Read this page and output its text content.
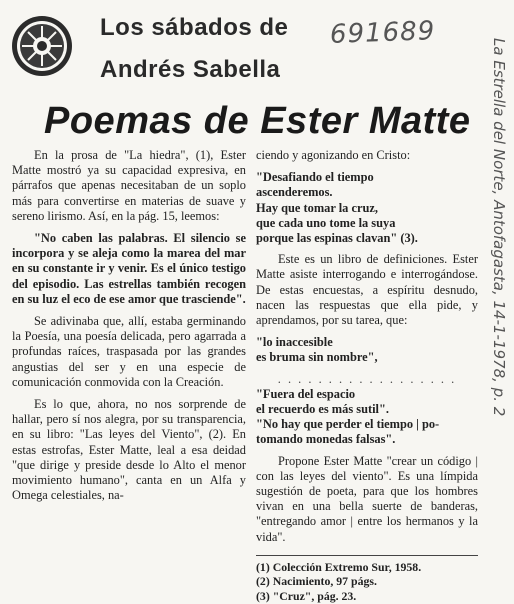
Los sábados de
Andrés Sabella
691689
Poemas de Ester Matte La Estrella del Norte, Antofagasta, 14-1-1978, p. 2

En la prosa de "La hiedra", (1), Ester Matte mostró ya su capacidad expresiva, en párrafos que apenas necesitaban de un soplo más para convertirse en materias de suave y sereno lirismo. Así, en la pág. 15, leemos:

"No caben las palabras. El silencio se incorpora y se aleja como la marea del mar en su constante ir y venir. Es el único testigo del episodio. Las estrellas también recogen en su luz el eco de ese amor que trasciende".

Se adivinaba que, allí, estaba germinando la Poesía, una poesía delicada, pero agarrada a profundas raíces, traspasada por las grandes angustias del ser y en una especie de comunicación conmovida con la Creación.

Es lo que, ahora, no nos sorprende de hallar, pero sí nos alegra, por su transparencia, en su libro: "Las leyes del Viento", (2). En estas estrofas, Ester Matte, leal a esa deidad "que dirige y preside desde lo Alto el menor movimiento humano", canta en un Alfa y Omega celestiales, na-

ciendo y agonizando en Cristo:

"Desafiando el tiempo
ascenderemos.
Hay que tomar la cruz,
que cada uno tome la suya
porque las espinas clavan" (3).

Este es un libro de definiciones. Ester Matte asiste interrogando e interrogándose. De estas encuestas, a espíritu desnudo, nacen las respuestas que ella pide, y aprendamos, por su tarea, que:

"lo inaccesible
es bruma sin nombre",
. . . . . . . . . . . . . . . . . .
"Fuera del espacio
el recuerdo es más sutil".
"No hay que perder el tiempo | po-
tomando monedas falsas".

Propone Ester Matte "crear un código | con las leyes del viento". Es una límpida sugestión de poeta, para que los hombres vivan en una bella suerte de banderas, "entregando amor | entre los hermanos y la vida".

(1) Colección Extremo Sur, 1958.
(2) Nacimiento, 97 págs.
(3) "Cruz", pág. 23.
